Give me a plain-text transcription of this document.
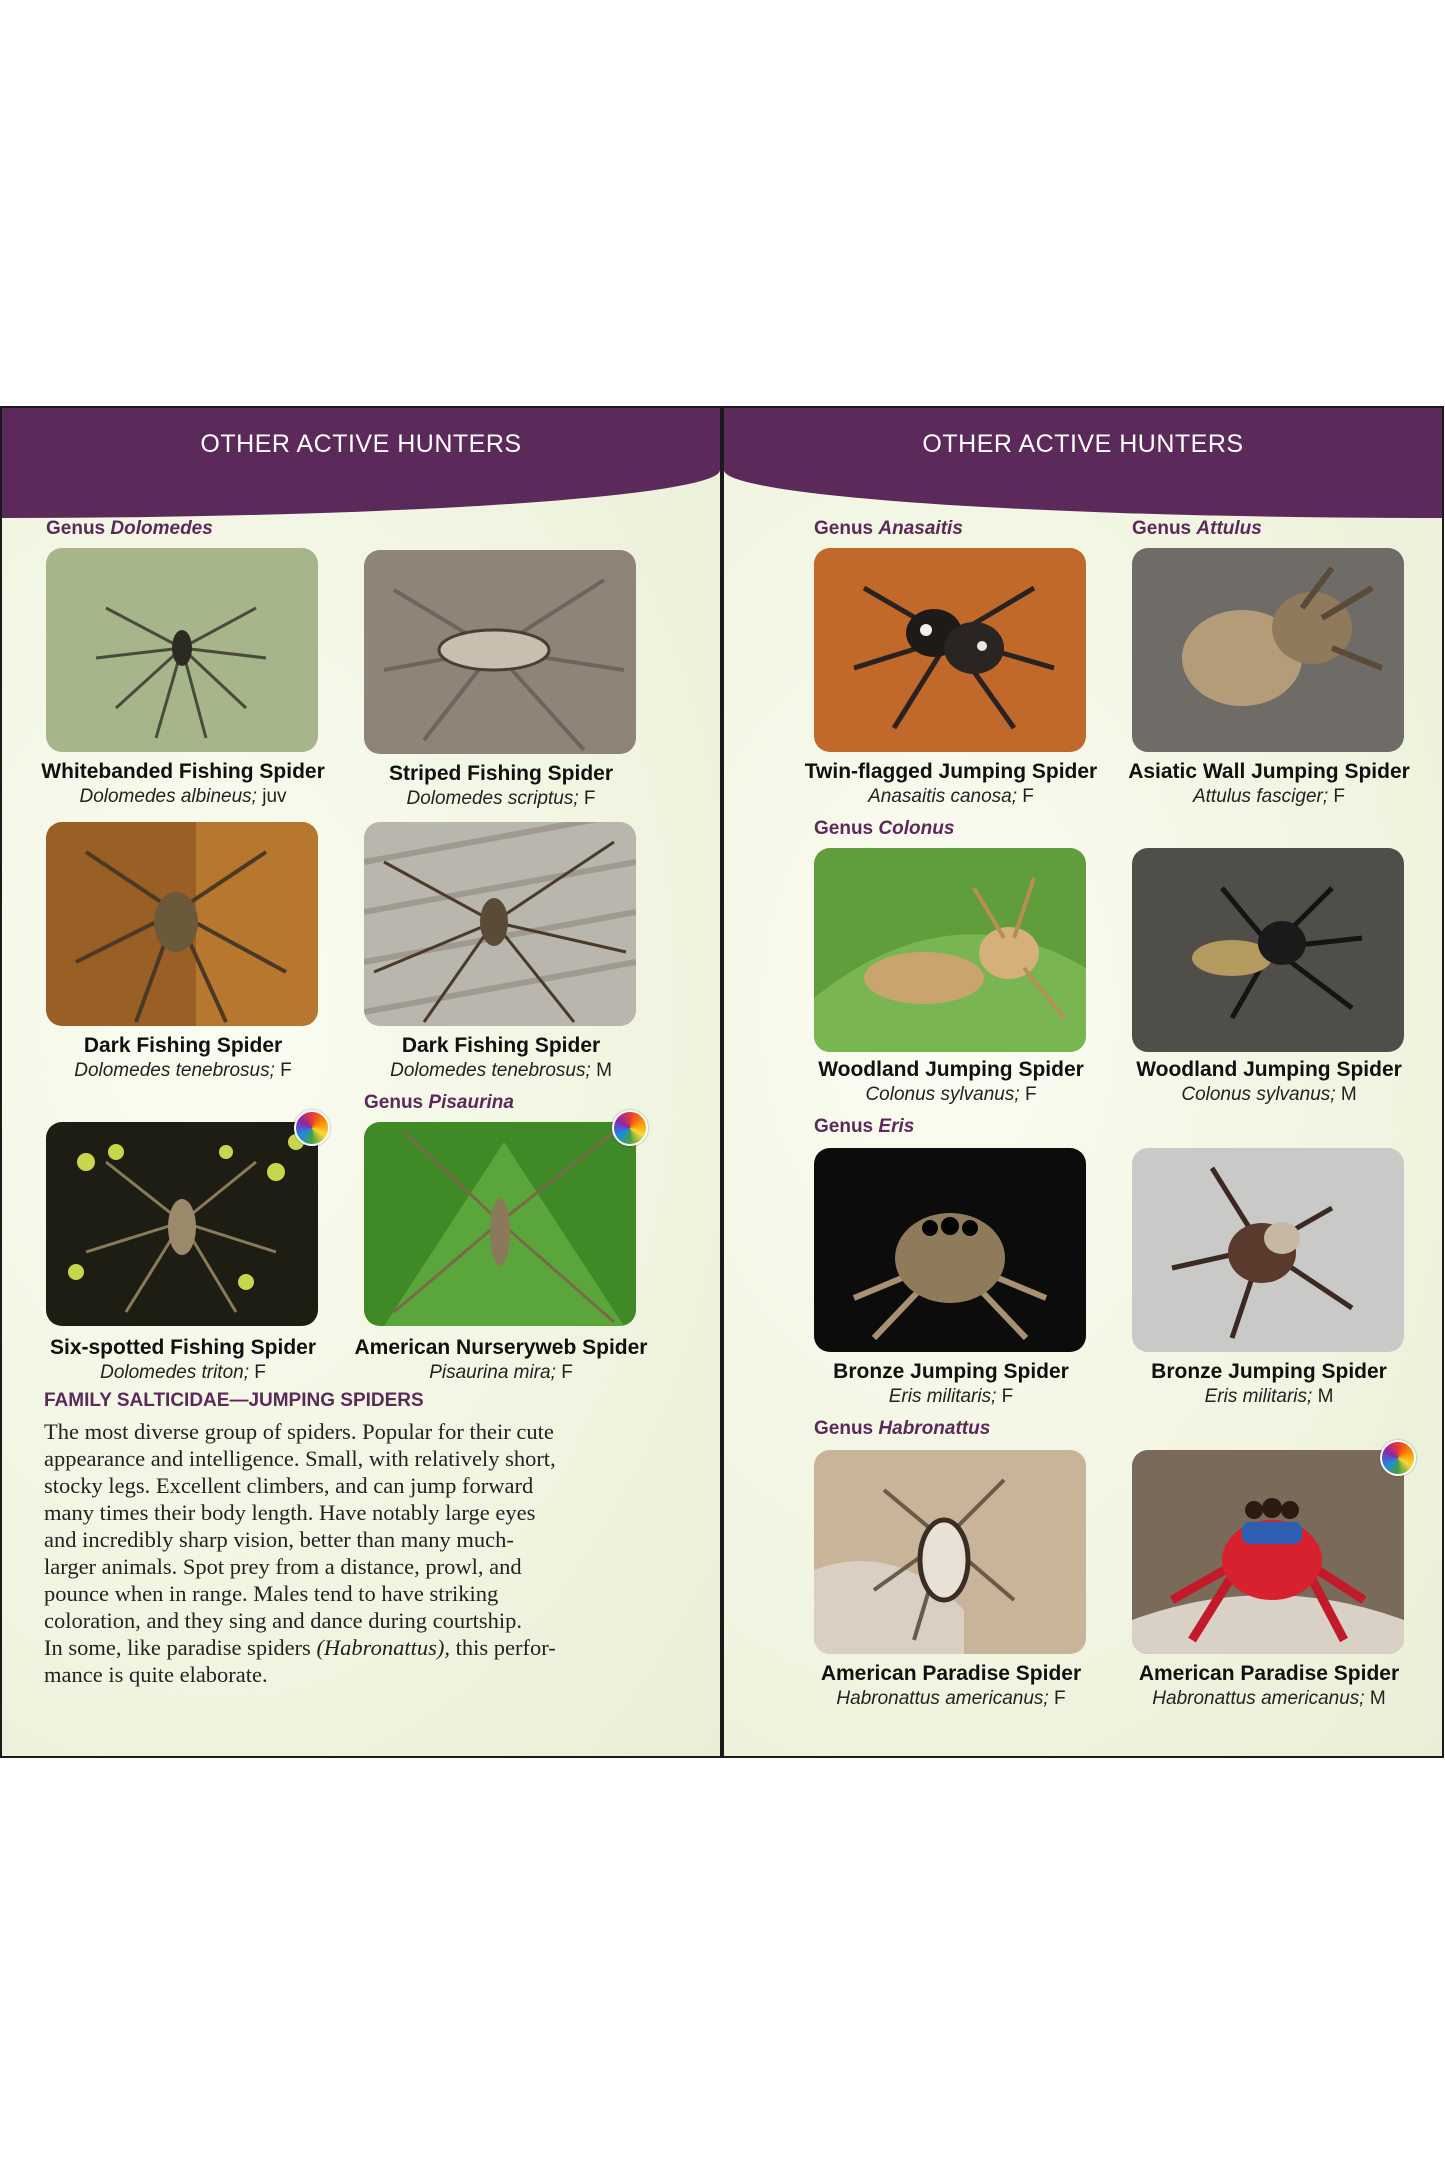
OTHER ACTIVE HUNTERS
Genus Dolomedes
Whitebanded Fishing Spider
Dolomedes albineus; juv
Striped Fishing Spider
Dolomedes scriptus; F
Dark Fishing Spider
Dolomedes tenebrosus; F
Dark Fishing Spider
Dolomedes tenebrosus; M
Genus Pisaurina
Six-spotted Fishing Spider
Dolomedes triton; F
American Nurseryweb Spider
Pisaurina mira; F
FAMILY SALTICIDAE—JUMPING SPIDERS
The most diverse group of spiders. Popular for their cute
appearance and intelligence. Small, with relatively short,
stocky legs. Excellent climbers, and can jump forward
many times their body length. Have notably large eyes
and incredibly sharp vision, better than many much-
larger animals. Spot prey from a distance, prowl, and
pounce when in range. Males tend to have striking
coloration, and they sing and dance during courtship.
In some, like paradise spiders (Habronattus), this perfor-
mance is quite elaborate.
OTHER ACTIVE HUNTERS
Genus Anasaitis	Genus Attulus
Twin-flagged Jumping Spider
Anasaitis canosa; F
Asiatic Wall Jumping Spider
Attulus fasciger; F
Genus Colonus
Woodland Jumping Spider
Colonus sylvanus; F
Woodland Jumping Spider
Colonus sylvanus; M
Genus Eris
Bronze Jumping Spider
Eris militaris; F
Bronze Jumping Spider
Eris militaris; M
Genus Habronattus
American Paradise Spider
Habronattus americanus; F
American Paradise Spider
Habronattus americanus; M
